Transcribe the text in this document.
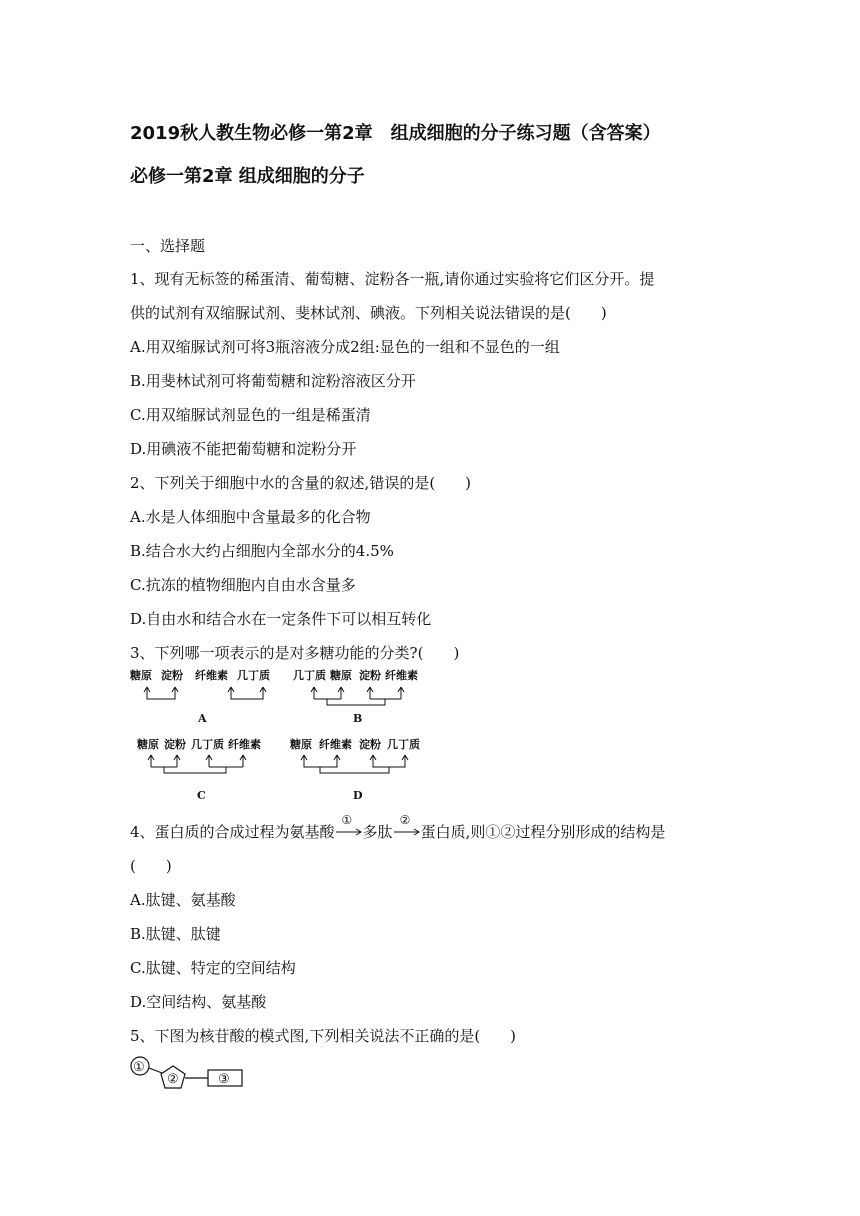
2019秋人教生物必修一第2章　组成细胞的分子练习题（含答案）
必修一第2章 组成细胞的分子
一、选择题
1、现有无标签的稀蛋清、葡萄糖、淀粉各一瓶,请你通过实验将它们区分开。提
供的试剂有双缩脲试剂、斐林试剂、碘液。下列相关说法错误的是(　　)
A.用双缩脲试剂可将3瓶溶液分成2组:显色的一组和不显色的一组
B.用斐林试剂可将葡萄糖和淀粉溶液区分开
C.用双缩脲试剂显色的一组是稀蛋清
D.用碘液不能把葡萄糖和淀粉分开
2、下列关于细胞中水的含量的叙述,错误的是(　　)
A.水是人体细胞中含量最多的化合物
B.结合水大约占细胞内全部水分的4.5%
C.抗冻的植物细胞内自由水含量多
D.自由水和结合水在一定条件下可以相互转化
3、下列哪一项表示的是对多糖功能的分类?(　　)
糖原 淀粉 纤维素 几丁质
A
几丁质 糖原 淀粉 纤维素
B
糖原 淀粉 几丁质 纤维素
C
糖原 纤维素 淀粉 几丁质
D
4、蛋白质的合成过程为氨基酸
①
多肽
②
蛋白质,则①②过程分别形成的结构是
(　　)
A.肽键、氨基酸
B.肽键、肽键
C.肽键、特定的空间结构
D.空间结构、氨基酸
5、下图为核苷酸的模式图,下列相关说法不正确的是(　　)
①
②	③
